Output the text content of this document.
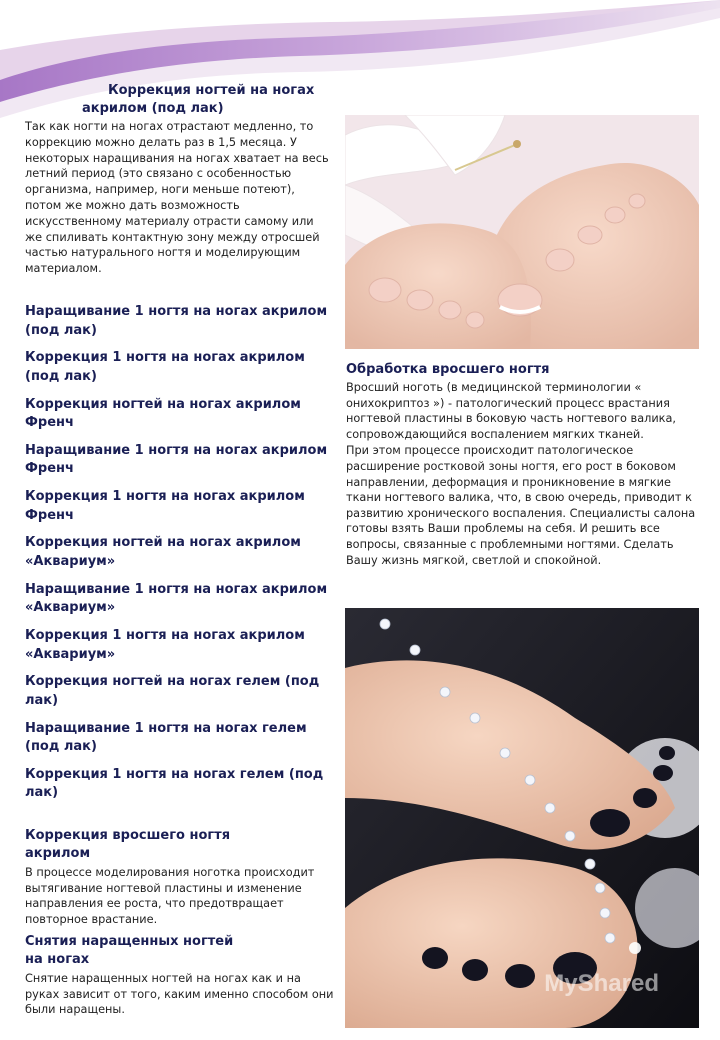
Коррекция ногтей на ногах
акрилом (под лак)
Так как ногти на ногах отрастают медленно, то коррекцию можно делать раз в 1,5 месяца. У некоторых наращивания на ногах хватает на весь летний период (это связано с особенностью организма, например, ноги меньше потеют), потом же можно дать возможность искусственному материалу отрасти самому или же спиливать контактную зону между отросшей частью натурального ногтя и моделирующим материалом.
Наращивание 1 ногтя на ногах акрилом (под лак)
Коррекция 1 ногтя на ногах акрилом (под лак)
Коррекция ногтей на ногах акрилом Френч
Наращивание 1 ногтя на ногах акрилом Френч
Коррекция 1 ногтя на ногах акрилом Френч
Коррекция ногтей на ногах акрилом «Аквариум»
Наращивание 1 ногтя на ногах акрилом «Аквариум»
Коррекция 1 ногтя на ногах акрилом «Аквариум»
Коррекция ногтей на ногах гелем (под лак)
Наращивание 1 ногтя на ногах гелем (под лак)
Коррекция 1 ногтя на ногах гелем (под лак)
Коррекция вросшего ногтя
акрилом

В процессе моделирования ноготка происходит вытягивание ногтевой пластины и изменение направления ее роста, что предотвращает повторное врастание.

Снятия наращенных ногтей
на ногах

Снятие наращенных ногтей на ногах как и на руках зависит от того, каким именно способом они были наращены.

Обработка вросшего ногтя

Вросший ноготь (в медицинской терминологии « онихокриптоз ») - патологический процесс врастания ногтевой пластины в боковую часть ногтевого валика, сопровождающийся воспалением мягких тканей.

При этом процессе происходит патологическое расширение ростковой зоны ногтя, его рост в боковом направлении, деформация и проникновение в мягкие ткани ногтевого валика, что, в свою очередь, приводит к развитию хронического воспаления. Специалисты салона готовы взять Ваши проблемы на себя. И решить все вопросы, связанные с проблемными ногтями. Сделать Вашу жизнь мягкой, светлой и спокойной.

MyShared
